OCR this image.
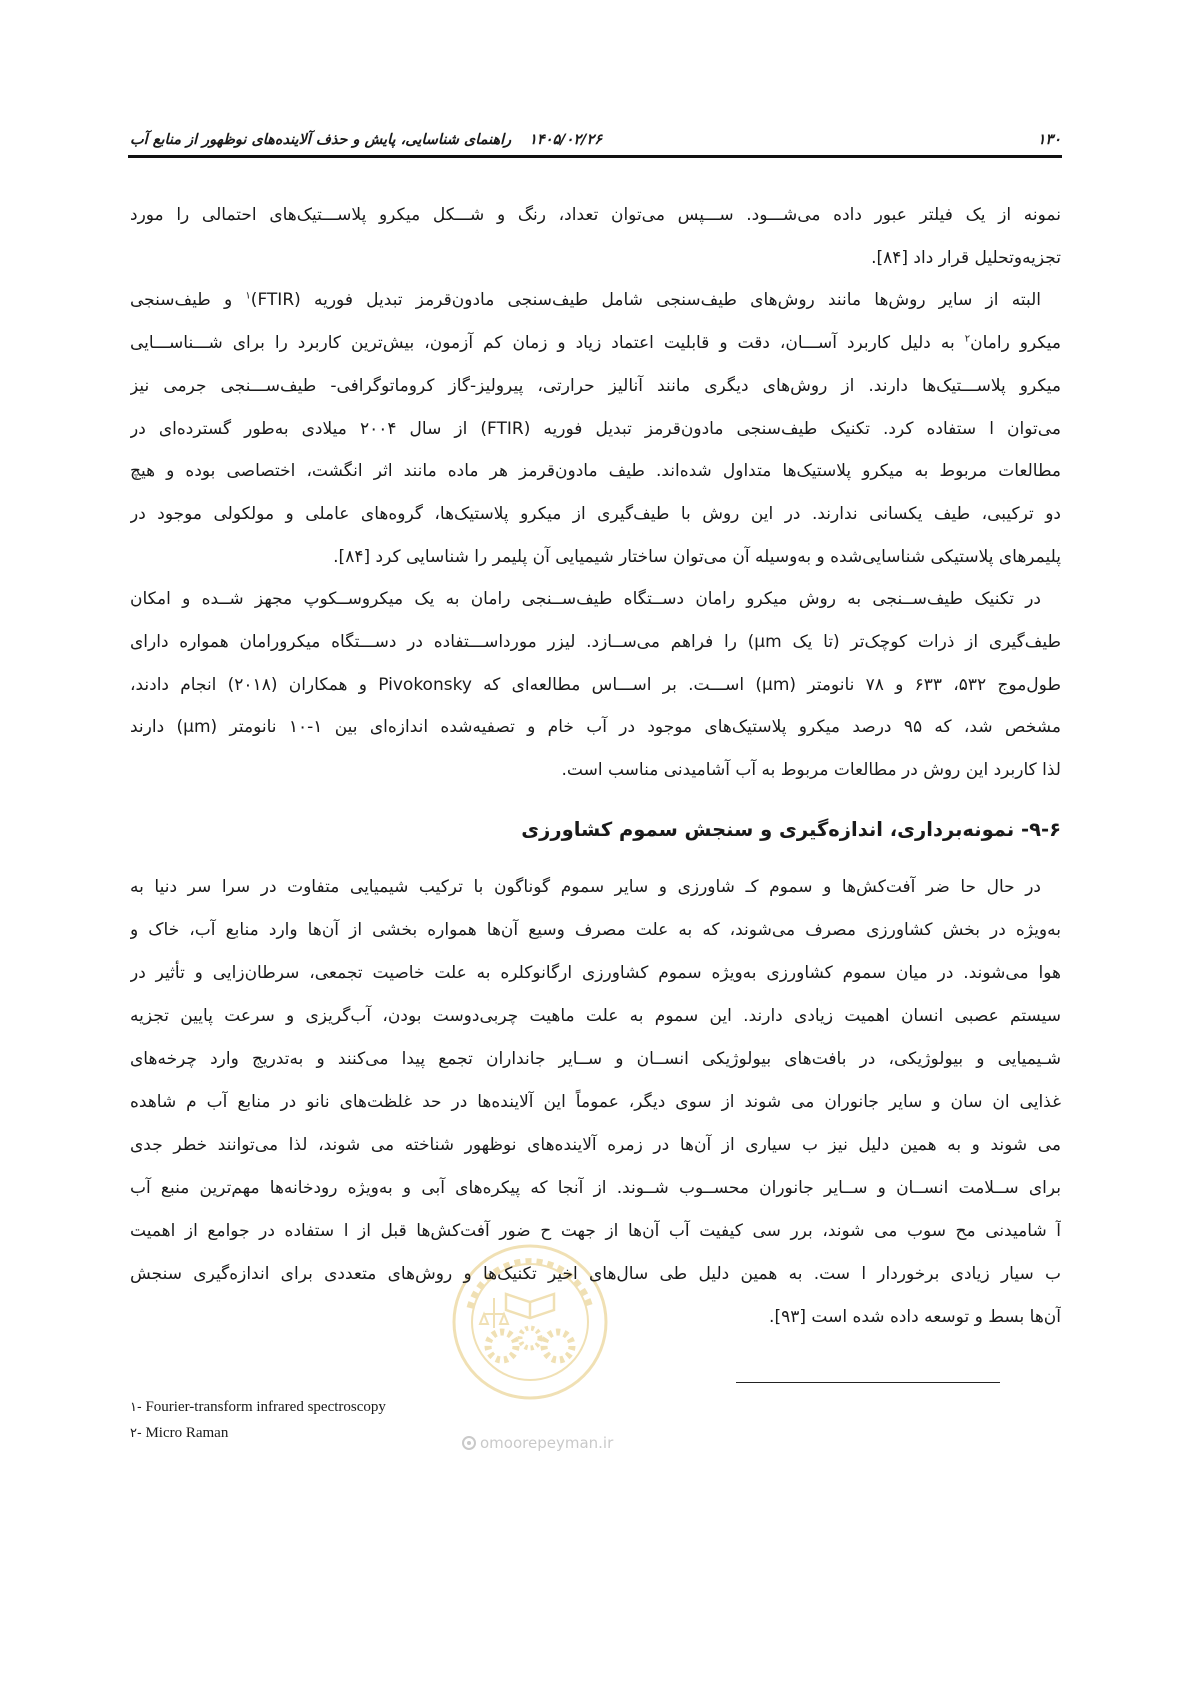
۱۳۰
۱۴۰۵/۰۲/۲۶
راهنمای شناسایی، پایش و حذف آلاینده‌های نوظهور از منابع آب
omoorepeyman.ir
نمونه از یک فیلتر عبور داده می‌شـــود. ســـپس می‌توان تعداد، رنگ و شـــکل میکرو پلاســـتیک‌های احتمالی را مورد
تجزیه‌وتحلیل قرار داد [۸۴].
البته از سایر روش‌ها مانند روش‌های طیف‌سنجی شامل طیف‌سنجی مادون‌قرمز تبدیل فوریه (FTIR)$^۱$ و طیف‌سنجی
میکرو رامان$^۲$ به دلیل کاربرد آســـان، دقت و قابلیت اعتماد زیاد و زمان کم آزمون، بیش‌ترین کاربرد را برای شـــناســـایی
میکرو پلاســـتیک‌ها دارند. از روش‌های دیگری مانند آنالیز حرارتی، پیرولیز-گاز کروماتوگرافی- طیف‌ســـنجی جرمی نیز
می‌توان ا ستفاده کرد. تکنیک طیف‌سنجی مادون‌قرمز تبدیل فوریه (FTIR) از سال ۲۰۰۴ میلادی به‌طور گسترده‌ای در
مطالعات مربوط به میکرو پلاستیک‌ها متداول شده‌اند. طیف مادون‌قرمز هر ماده مانند اثر انگشت، اختصاصی بوده و هیچ
دو ترکیبی، طیف یکسانی ندارند. در این روش با طیف‌گیری از میکرو پلاستیک‌ها، گروه‌های عاملی و مولکولی موجود در
پلیمرهای پلاستیکی شناسایی‌شده و به‌وسیله آن می‌توان ساختار شیمیایی آن پلیمر را شناسایی کرد [۸۴].
در تکنیک طیف‌ســنجی به روش میکرو رامان دســتگاه طیف‌ســنجی رامان به یک میکروســکوپ مجهز شــده و امکان
طیف‌گیری از ذرات کوچک‌تر (تا یک µm) را فراهم می‌ســازد. لیزر مورداســـتفاده در دســـتگاه میکرورامان همواره دارای
طول‌موج ۵۳۲، ۶۳۳ و ۷۸ نانومتر (µm) اســـت. بر اســـاس مطالعه‌ای که Pivokonsky و همکاران (۲۰۱۸) انجام دادند،
مشخص شد، که ۹۵ درصد میکرو پلاستیک‌های موجود در آب خام و تصفیه‌شده اندازه‌ای بین ۱-۱۰ نانومتر (µm) دارند
لذا کاربرد این روش در مطالعات مربوط به آب آشامیدنی مناسب است.
۹-۶- نمونه‌برداری، اندازه‌گیری و سنجش سموم کشاورزی
در حال حا ضر آفت‌کش‌ها و سموم کـ شاورزی و سایر سموم گوناگون با ترکیب شیمیایی متفاوت در سرا سر دنیا به
به‌ویژه در بخش کشاورزی مصرف می‌شوند، که به علت مصرف وسیع آن‌ها همواره بخشی از آن‌ها وارد منابع آب، خاک و
هوا می‌شوند. در میان سموم کشاورزی به‌ویژه سموم کشاورزی ارگانوکلره به علت خاصیت تجمعی، سرطان‌زایی و تأثیر در
سیستم عصبی انسان اهمیت زیادی دارند. این سموم به علت ماهیت چربی‌دوست بودن، آب‌گریزی و سرعت پایین تجزیه
شـیمیایی و بیولوژیکی، در بافت‌های بیولوژیکی انســان و ســایر جانداران تجمع پیدا می‌کنند و به‌تدریج وارد چرخه‌های
غذایی ان سان و سایر جانوران می شوند از سوی دیگر، عموماً این آلاینده‌ها در حد غلظت‌های نانو در منابع آب م شاهده
می شوند و به همین دلیل نیز ب سیاری از آن‌ها در زمره آلاینده‌های نوظهور شناخته می شوند، لذا می‌توانند خطر جدی
برای ســلامت انســان و ســایر جانوران محســوب شــوند. از آنجا که پیکره‌های آبی و به‌ویژه رودخانه‌ها مهم‌ترین منبع آب
آ شامیدنی مح سوب می شوند، برر سی کیفیت آب آن‌ها از جهت ح ضور آفت‌کش‌ها قبل از ا ستفاده در جوامع از اهمیت
ب سیار زیادی برخوردار ا ست. به همین دلیل طی سال‌های اخیر تکنیک‌ها و روش‌های متعددی برای اندازه‌گیری سنجش
آن‌ها بسط و توسعه داده شده است [۹۳].
۱- Fourier-transform infrared spectroscopy
۲- Micro Raman
